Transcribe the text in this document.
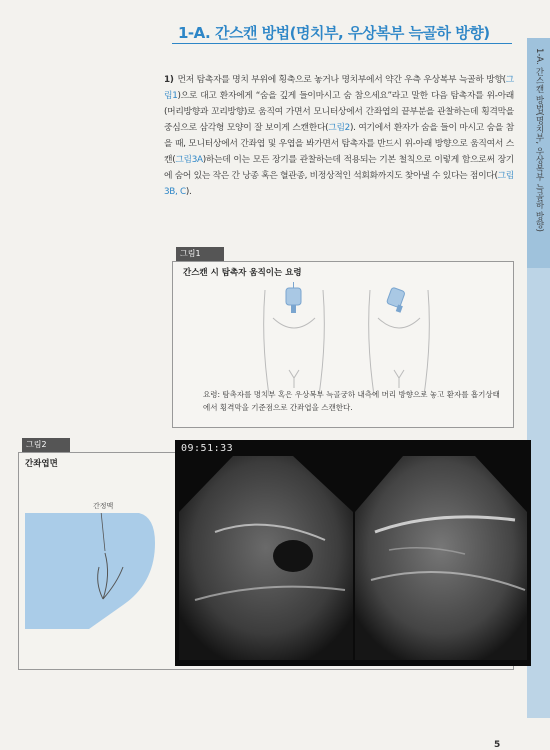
1-A. 간스캔 방법(명치부, 우상복부 늑골하 방향)
1-A. 간스캔 방법(명치부, 우상복부 늑골하 방향)
1) 먼저 탐촉자를 명치 부위에 횡축으로 놓거나 명치부에서 약간 우측 우상복부 늑골하 방향(그림1)으로 대고 환자에게 “숨을 깊게 들이마시고 숨 참으세요”라고 말한 다음 탐촉자를 위-아래(머리방향과 꼬리방향)로 움직여 가면서 모니터상에서 간좌엽의 끝부분을 관찰하는데 횡격막을 중심으로 삼각형 모양이 잘 보이게 스캔한다(그림2). 여기에서 환자가 숨을 들이 마시고 숨을 참을 때, 모니터상에서 간좌엽 및 우엽을 봐가면서 탐촉자를 반드시 위-아래 방향으로 움직여서 스캔(그림3A)하는데 이는 모든 장기를 관찰하는데 적용되는 기본 철칙으로 이렇게 함으로써 장기에 숨어 있는 작은 간 낭종 혹은 혈관종, 비정상적인 석회화까지도 찾아낼 수 있다는 점이다(그림3B, C).
그림1
간스캔 시 탐촉자 움직이는 요령
요령: 탐촉자를 명치부 혹은 우상복부 늑골궁하 내측에 머리 방향으로 놓고 환자를 흡기상태에서 횡격막을 기준점으로 간좌엽을 스캔한다.
그림2
간좌엽면
간정맥
09:51:33
5
